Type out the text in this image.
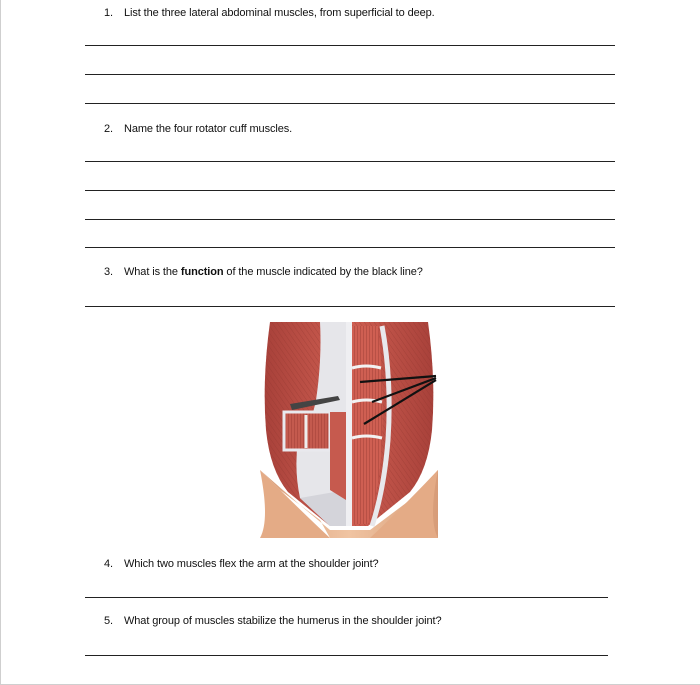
1. List the three lateral abdominal muscles, from superficial to deep.
2. Name the four rotator cuff muscles.
3. What is the function of the muscle indicated by the black line?
4. Which two muscles flex the arm at the shoulder joint?
5. What group of muscles stabilize the humerus in the shoulder joint?
